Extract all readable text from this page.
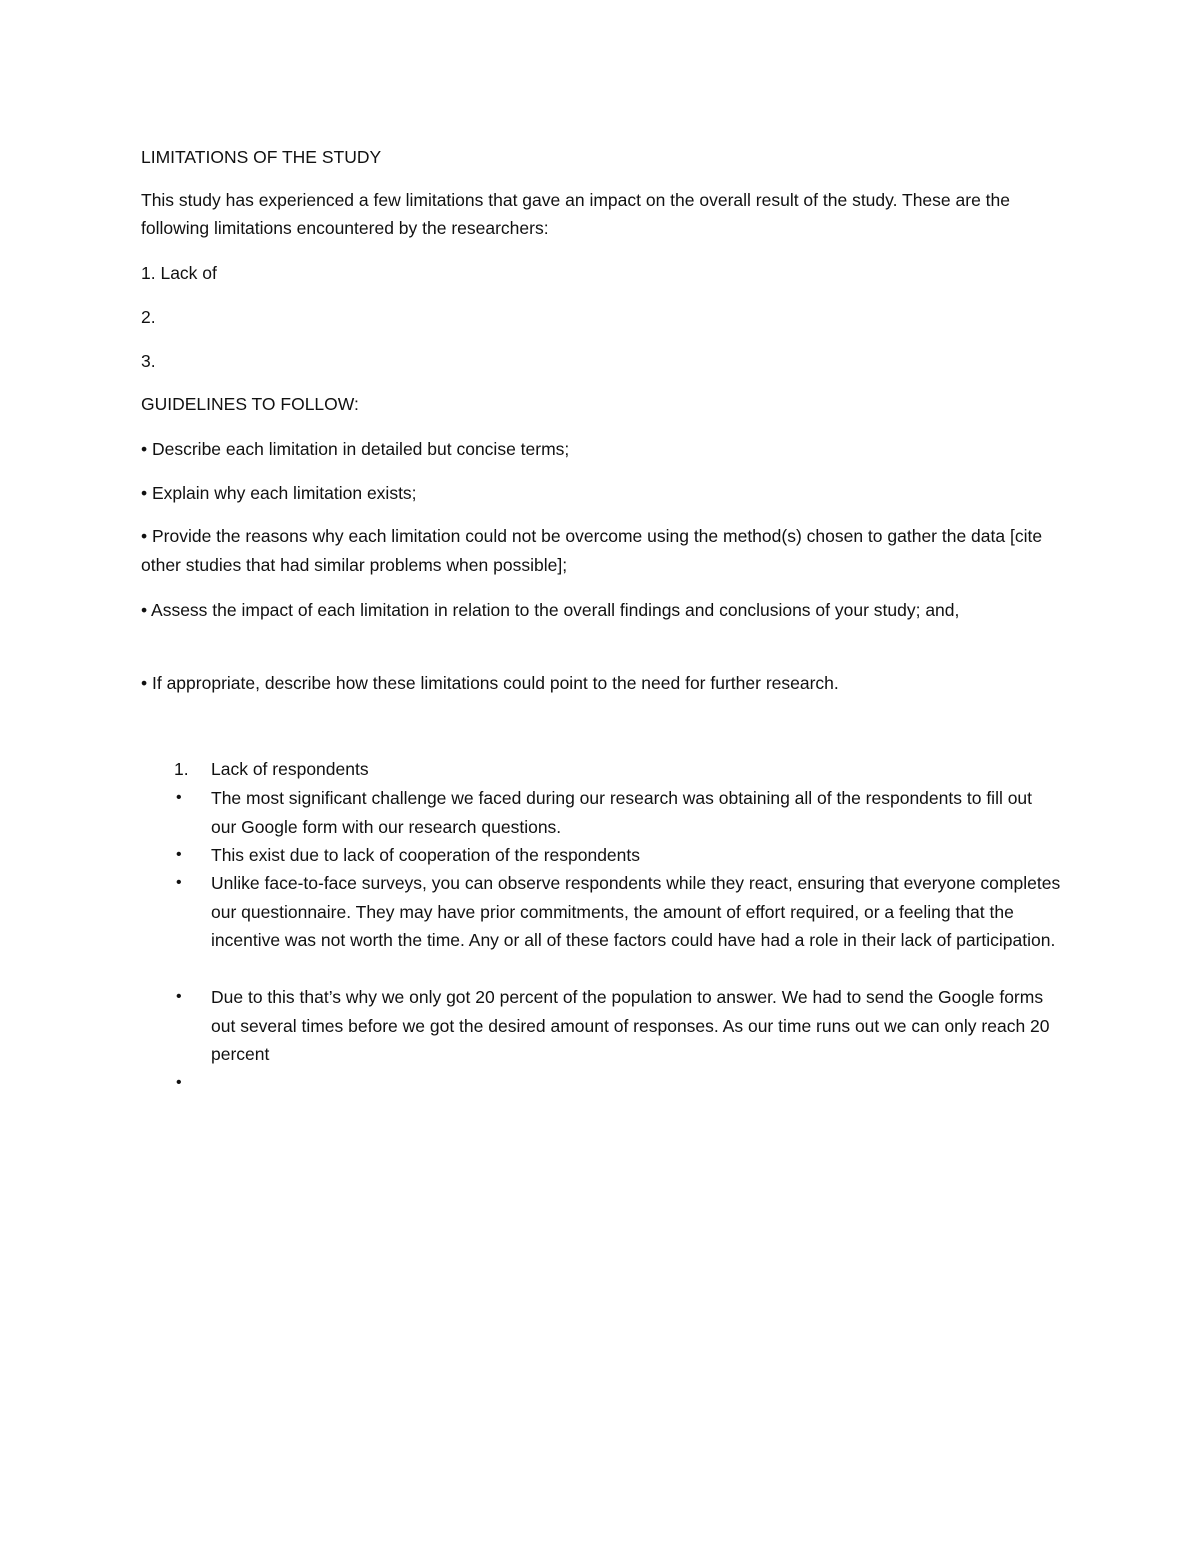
LIMITATIONS OF THE STUDY
This study has experienced a few limitations that gave an impact on the overall result of the study. These are the following limitations encountered by the researchers:
1. Lack of
2.
3.
GUIDELINES TO FOLLOW:
• Describe each limitation in detailed but concise terms;
• Explain why each limitation exists;
• Provide the reasons why each limitation could not be overcome using the method(s) chosen to gather the data [cite other studies that had similar problems when possible];
• Assess the impact of each limitation in relation to the overall findings and conclusions of your study; and,
• If appropriate, describe how these limitations could point to the need for further research.
1. Lack of respondents
• The most significant challenge we faced during our research was obtaining all of the respondents to fill out our Google form with our research questions.
• This exist due to lack of cooperation of the respondents
• Unlike face-to-face surveys, you can observe respondents while they react, ensuring that everyone completes our questionnaire. They may have prior commitments, the amount of effort required, or a feeling that the incentive was not worth the time. Any or all of these factors could have had a role in their lack of participation.
• Due to this that’s why we only got 20 percent of the population to answer. We had to send the Google forms out several times before we got the desired amount of responses. As our time runs out we can only reach 20 percent
•
